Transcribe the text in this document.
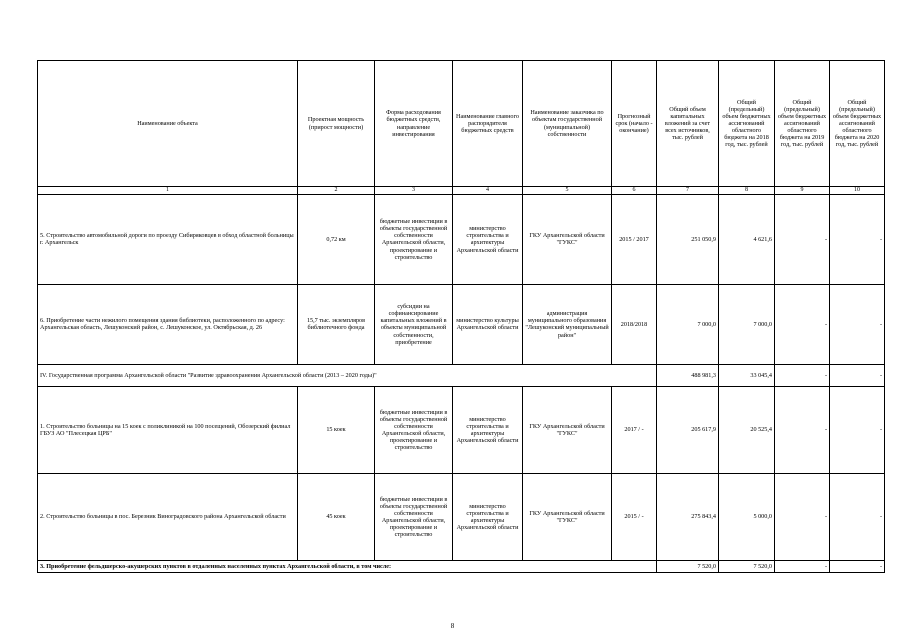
Наименование объекта	Проектная мощность (прирост мощности)	Форма расходования бюджетных средств, направление инвестирования	Наименование главного распорядителя бюджетных средств	Наименование заказчика по объектам государственной (муниципальной) собственности	Прогнозный срок (начало - окончание)	Общий объем капитальных вложений за счет всех источников, тыс. рублей	Общий (предельный) объем бюджетных ассигнований областного бюджета на 2018 год, тыс. рублей	Общий (предельный) объем бюджетных ассигнований областного бюджета на 2019 год, тыс. рублей	Общий (предельный) объем бюджетных ассигнований областного бюджета на 2020 год, тыс. рублей
1	2	3	4	5	6	7	8	9	10
5. Строительство автомобильной дороги по проезду Сибиряковцев в обход областной больницы г. Архангельск	0,72 км	бюджетные инвестиции в объекты государственной собственности Архангельской области, проектирование и строительство	министерство строительства и архитектуры Архангельской области	ГКУ Архангельской области "ГУКС"	2015 / 2017	251 050,9	4 621,6	-	-
6. Приобретение части нежилого помещения здания библиотеки, расположенного по адресу: Архангельская область, Лешуконский район, с. Лешуконское, ул. Октябрьская, д. 26	15,7 тыс. экземпляров библиотечного фонда	субсидии на софинансирование капитальных вложений в объекты муниципальной собственности, приобретение	министерство культуры Архангельской области	администрация муниципального образования "Лешуконский муниципальный район"	2018/2018	7 000,0	7 000,0	-	-
IV. Государственная программа Архангельской области "Развитие здравоохранения Архангельской области (2013 – 2020 годы)"						488 981,3	33 045,4	-	-
1. Строительство больницы на 15 коек с поликлиникой на 100 посещений, Обозерский филиал ГБУЗ АО "Плесецкая ЦРБ"	15 коек	бюджетные инвестиции в объекты государственной собственности Архангельской области, проектирование и строительство	министерство строительства и архитектуры Архангельской области	ГКУ Архангельской области "ГУКС"	2017 / -	205 617,9	20 525,4	-	-
2. Строительство больницы в пос. Березник Виноградовского района Архангельской области	45 коек	бюджетные инвестиции в объекты государственной собственности Архангельской области, проектирование и строительство	министерство строительства и архитектуры Архангельской области	ГКУ Архангельской области "ГУКС"	2015 / -	275 843,4	5 000,0	-	-
3. Приобретение фельдшерско-акушерских пунктов в отдаленных населенных пунктах Архангельской области, в том числе:						7 520,0	7 520,0	-	-
8
